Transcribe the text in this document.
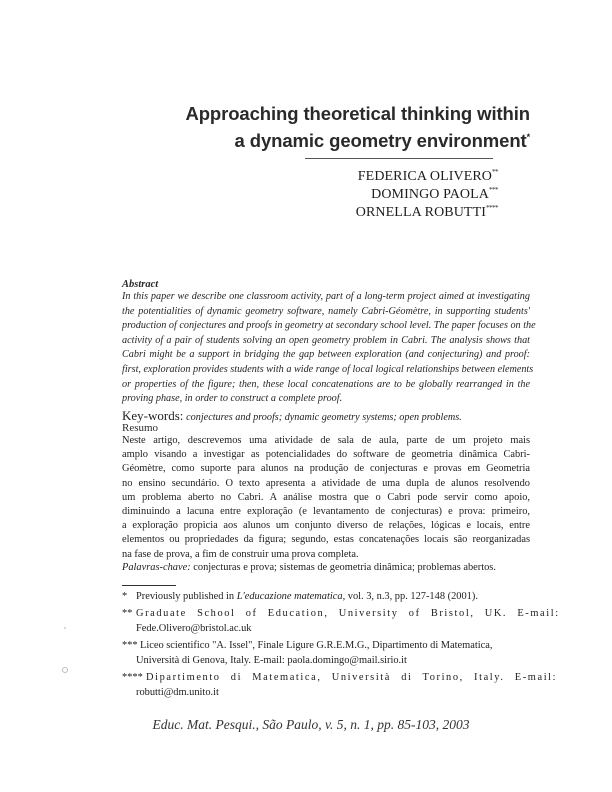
Approaching theoretical thinking within
a dynamic geometry environment*
FEDERICA OLIVERO**
DOMINGO PAOLA***
ORNELLA ROBUTTI****
Abstract
In this paper we describe one classroom activity, part of a long-term project aimed at investigating
the potentialities of dynamic geometry software, namely Cabri-Géomètre, in supporting students'
production of conjectures and proofs in geometry at secondary school level. The paper focuses on the
activity of a pair of students solving an open geometry problem in Cabri. The analysis shows that
Cabri might be a support in bridging the gap between exploration (and conjecturing) and proof:
first, exploration provides students with a wide range of local logical relationships between elements
or properties of the figure; then, these local concatenations are to be globally rearranged in the
proving phase, in order to construct a complete proof.
Key-words: conjectures and proofs; dynamic geometry systems; open problems.
Resumo
Neste artigo, descrevemos uma atividade de sala de aula, parte de um projeto mais
amplo visando a investigar as potencialidades do software de geometria dinâmica Cabri-
Géomètre, como suporte para alunos na produção de conjecturas e provas em Geometria
no ensino secundário. O texto apresenta a atividade de uma dupla de alunos resolvendo
um problema aberto no Cabri. A análise mostra que o Cabri pode servir como apoio,
diminuindo a lacuna entre exploração (e levantamento de conjecturas) e prova: primeiro,
a exploração propicia aos alunos um conjunto diverso de relações, lógicas e locais, entre
elementos ou propriedades da figura; segundo, estas concatenações locais são reorganizadas
na fase de prova, a fim de construir uma prova completa.
Palavras-chave: conjecturas e prova; sistemas de geometria dinâmica; problemas abertos.
* Previously published in L'educazione matematica, vol. 3, n.3, pp. 127-148 (2001).
** Graduate School of Education, University of Bristol, UK. E-mail:
Fede.Olivero@bristol.ac.uk
*** Liceo scientifico "A. Issel", Finale Ligure G.R.E.M.G., Dipartimento di Matematica,
Università di Genova, Italy. E-mail: paola.domingo@mail.sirio.it
**** Dipartimento di Matematica, Università di Torino, Italy. E-mail:
robutti@dm.unito.it
Educ. Mat. Pesqui., São Paulo, v. 5, n. 1, pp. 85-103, 2003
